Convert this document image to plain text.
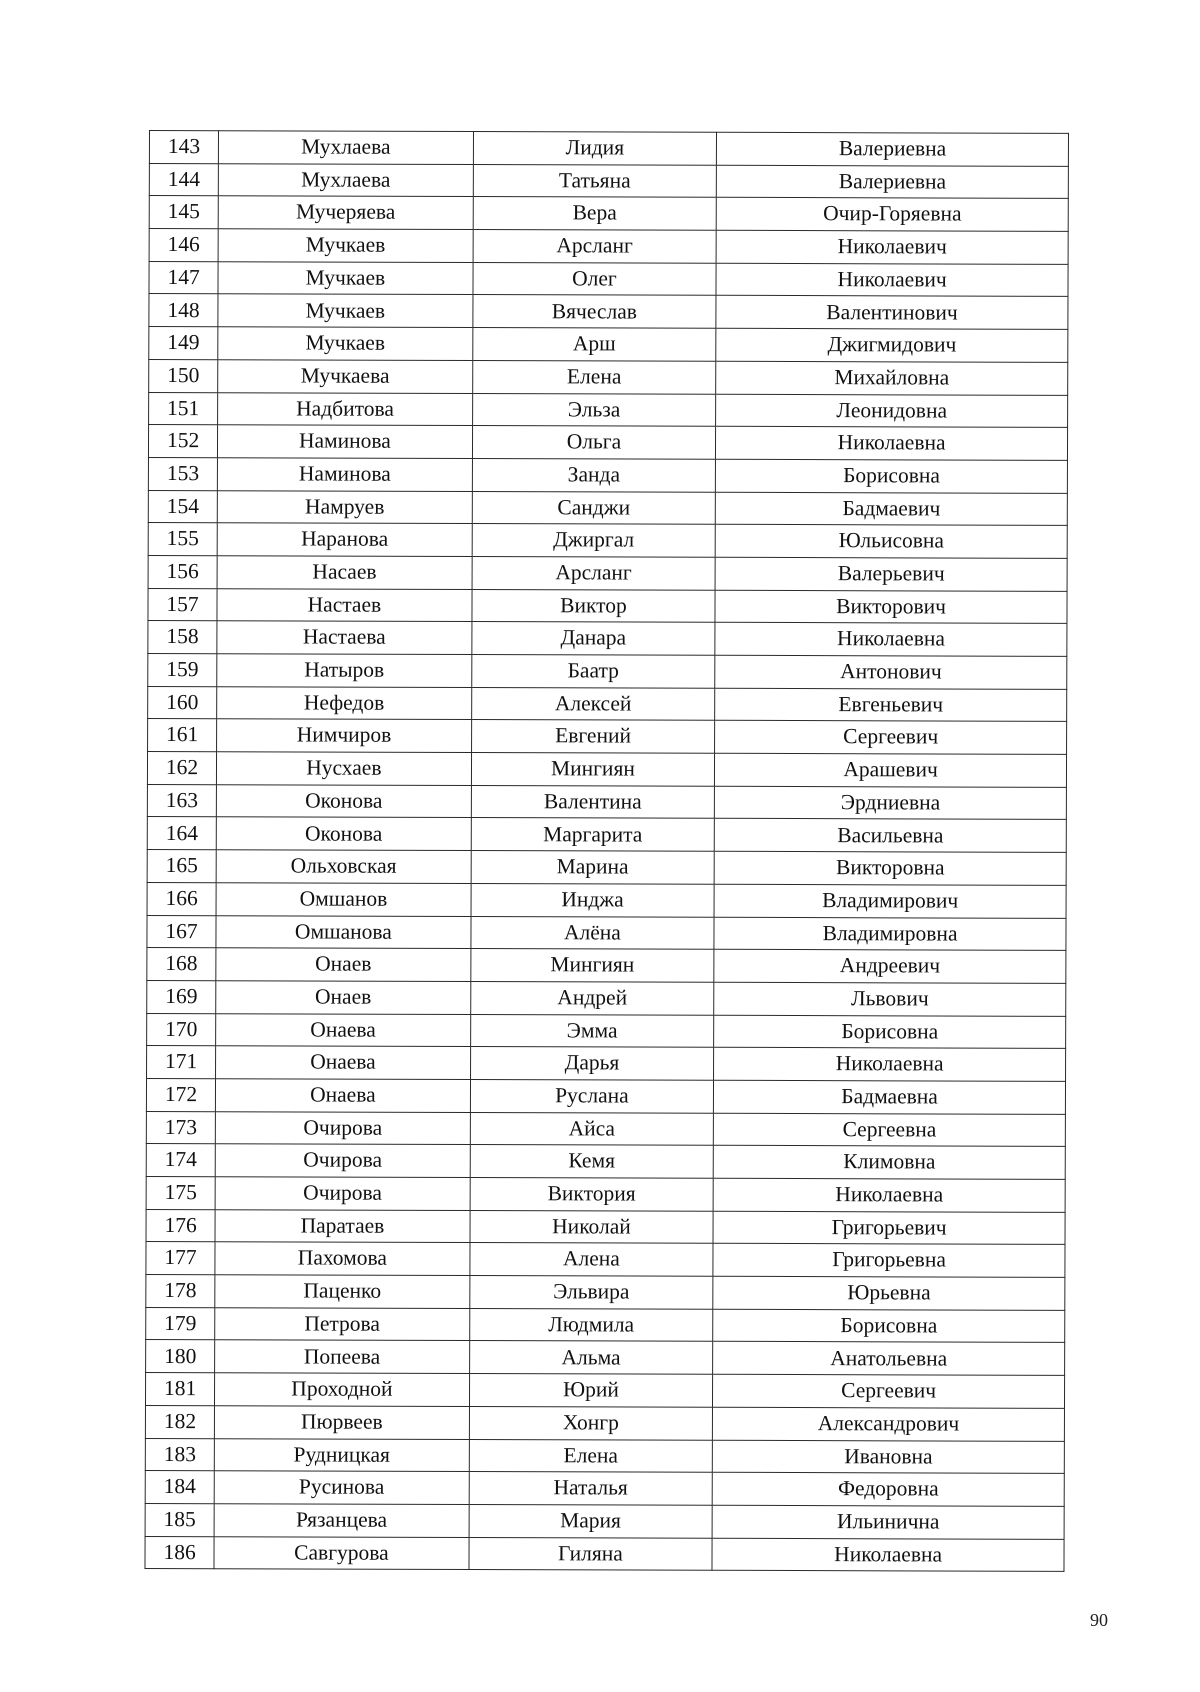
143	Мухлаева	Лидия	Валериевна
144	Мухлаева	Татьяна	Валериевна
145	Мучеряева	Вера	Очир-Горяевна
146	Мучкаев	Арсланг	Николаевич
147	Мучкаев	Олег	Николаевич
148	Мучкаев	Вячеслав	Валентинович
149	Мучкаев	Арш	Джигмидович
150	Мучкаева	Елена	Михайловна
151	Надбитова	Эльза	Леонидовна
152	Наминова	Ольга	Николаевна
153	Наминова	Занда	Борисовна
154	Намруев	Санджи	Бадмаевич
155	Наранова	Джиргал	Юльисовна
156	Насаев	Арсланг	Валерьевич
157	Настаев	Виктор	Викторович
158	Настаева	Данара	Николаевна
159	Натыров	Баатр	Антонович
160	Нефедов	Алексей	Евгеньевич
161	Нимчиров	Евгений	Сергеевич
162	Нусхаев	Мингиян	Арашевич
163	Оконова	Валентина	Эрдниевна
164	Оконова	Маргарита	Васильевна
165	Ольховская	Марина	Викторовна
166	Омшанов	Инджа	Владимирович
167	Омшанова	Алёна	Владимировна
168	Онаев	Мингиян	Андреевич
169	Онаев	Андрей	Львович
170	Онаева	Эмма	Борисовна
171	Онаева	Дарья	Николаевна
172	Онаева	Руслана	Бадмаевна
173	Очирова	Айса	Сергеевна
174	Очирова	Кемя	Климовна
175	Очирова	Виктория	Николаевна
176	Паратаев	Николай	Григорьевич
177	Пахомова	Алена	Григорьевна
178	Паценко	Эльвира	Юрьевна
179	Петрова	Людмила	Борисовна
180	Попеева	Альма	Анатольевна
181	Проходной	Юрий	Сергеевич
182	Пюрвеев	Хонгр	Александрович
183	Рудницкая	Елена	Ивановна
184	Русинова	Наталья	Федоровна
185	Рязанцева	Мария	Ильинична
186	Савгурова	Гиляна	Николаевна
90
